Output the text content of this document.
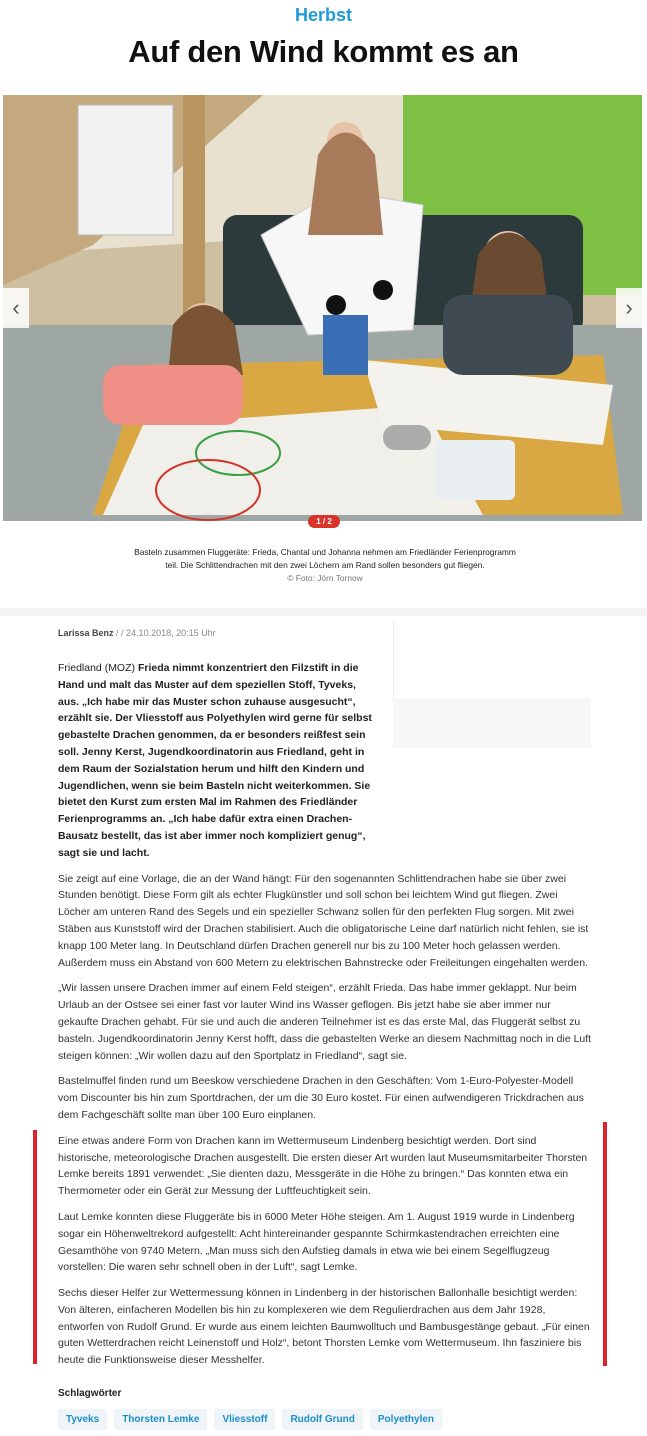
Herbst
Auf den Wind kommt es an
‹	›
1 / 2
Basteln zusammen Fluggeräte: Frieda, Chantal und Johanna nehmen am Friedländer Ferienprogramm teil. Die Schlittendrachen mit den zwei Löchern am Rand sollen besonders gut fliegen.
© Foto: Jörn Tornow
Larissa Benz / / 24.10.2018, 20:15 Uhr

Friedland (MOZ) Frieda nimmt konzentriert den Filzstift in die Hand und malt das Muster auf dem speziellen Stoff, Tyveks, aus. „Ich habe mir das Muster schon zuhause ausgesucht“, erzählt sie. Der Vliesstoff aus Polyethylen wird gerne für selbst gebastelte Drachen genommen, da er besonders reißfest sein soll. Jenny Kerst, Jugendkoordinatorin aus Friedland, geht in dem Raum der Sozialstation herum und hilft den Kindern und Jugendlichen, wenn sie beim Basteln nicht weiterkommen. Sie bietet den Kurst zum ersten Mal im Rahmen des Friedländer Ferienprogramms an. „Ich habe dafür extra einen Drachen-Bausatz bestellt, das ist aber immer noch kompliziert genug“, sagt sie und lacht.

Sie zeigt auf eine Vorlage, die an der Wand hängt: Für den sogenannten Schlittendrachen habe sie über zwei Stunden benötigt. Diese Form gilt als echter Flugkünstler und soll schon bei leichtem Wind gut fliegen. Zwei Löcher am unteren Rand des Segels und ein spezieller Schwanz sollen für den perfekten Flug sorgen. Mit zwei Stäben aus Kunststoff wird der Drachen stabilisiert. Auch die obligatorische Leine darf natürlich nicht fehlen, sie ist knapp 100 Meter lang. In Deutschland dürfen Drachen generell nur bis zu 100 Meter hoch gelassen werden. Außerdem muss ein Abstand von 600 Metern zu elektrischen Bahnstrecke oder Freileitungen eingehalten werden.

„Wir lassen unsere Drachen immer auf einem Feld steigen“, erzählt Frieda. Das habe immer geklappt. Nur beim Urlaub an der Ostsee sei einer fast vor lauter Wind ins Wasser geflogen. Bis jetzt habe sie aber immer nur gekaufte Drachen gehabt. Für sie und auch die anderen Teilnehmer ist es das erste Mal, das Fluggerät selbst zu basteln. Jugendkoordinatorin Jenny Kerst hofft, dass die gebastelten Werke an diesem Nachmittag noch in die Luft steigen können: „Wir wollen dazu auf den Sportplatz in Friedland“, sagt sie.

Bastelmuffel finden rund um Beeskow verschiedene Drachen in den Geschäften: Vom 1-Euro-Polyester-Modell vom Discounter bis hin zum Sportdrachen, der um die 30 Euro kostet. Für einen aufwendigeren Trickdrachen aus dem Fachgeschäft sollte man über 100 Euro einplanen.

Eine etwas andere Form von Drachen kann im Wettermuseum Lindenberg besichtigt werden. Dort sind historische, meteorologische Drachen ausgestellt. Die ersten dieser Art wurden laut Museumsmitarbeiter Thorsten Lemke bereits 1891 verwendet: „Sie dienten dazu, Messgeräte in die Höhe zu bringen.“ Das konnten etwa ein Thermometer oder ein Gerät zur Messung der Luftfeuchtigkeit sein.

Laut Lemke konnten diese Fluggeräte bis in 6000 Meter Höhe steigen. Am 1. August 1919 wurde in Lindenberg sogar ein Höhenweltrekord aufgestellt: Acht hintereinander gespannte Schirmkastendrachen erreichten eine Gesamthöhe von 9740 Metern. „Man muss sich den Aufstieg damals in etwa wie bei einem Segelflugzeug vorstellen: Die waren sehr schnell oben in der Luft“, sagt Lemke.

Sechs dieser Helfer zur Wettermessung können in Lindenberg in der historischen Ballonhalle besichtigt werden: Von älteren, einfacheren Modellen bis hin zu komplexeren wie dem Regulierdrachen aus dem Jahr 1928, entworfen von Rudolf Grund. Er wurde aus einem leichten Baumwolltuch und Bambusgestänge gebaut. „Für einen guten Wetterdrachen reicht Leinenstoff und Holz“, betont Thorsten Lemke vom Wettermuseum. Ihn fasziniere bis heute die Funktionsweise dieser Messhelfer.

Schlagwörter
Tyveks	Thorsten Lemke	Vliesstoff	Rudolf Grund	Polyethylen
